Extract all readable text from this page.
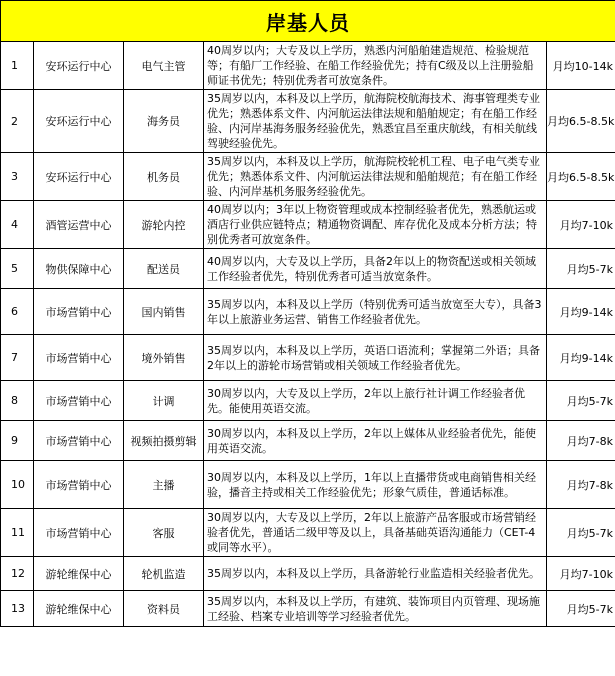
岸基人员				
1	安环运行中心	电气主管	40周岁以内；大专及以上学历，熟悉内河船舶建造规范、检验规范等；有船厂工作经验、在船工作经验优先；持有C级及以上注册验船师证书优先；特别优秀者可放宽条件。	月均10-14k
2	安环运行中心	海务员	35周岁以内，本科及以上学历，航海院校航海技术、海事管理类专业优先；熟悉体系文件、内河航运法律法规和船舶规定；有在船工作经验、内河岸基海务服务经验优先，熟悉宜昌至重庆航线，有相关航线驾驶经验优先。	月均6.5-8.5k
3	安环运行中心	机务员	35周岁以内，本科及以上学历，航海院校轮机工程、电子电气类专业优先；熟悉体系文件、内河航运法律法规和船舶规范；有在船工作经验、内河岸基机务服务经验优先。	月均6.5-8.5k
4	酒管运营中心	游轮内控	40周岁以内；3年以上物资管理或成本控制经验者优先，熟悉航运或酒店行业供应链特点；精通物资调配、库存优化及成本分析方法；特别优秀者可放宽条件。	月均7-10k
5	物供保障中心	配送员	40周岁以内，大专及以上学历，具备2年以上的物资配送或相关领域工作经验者优先，特别优秀者可适当放宽条件。	月均5-7k
6	市场营销中心	国内销售	35周岁以内，本科及以上学历（特别优秀可适当放宽至大专），具备3年以上旅游业务运营、销售工作经验者优先。	月均9-14k
7	市场营销中心	境外销售	35周岁以内，本科及以上学历，英语口语流利；掌握第二外语；具备2年以上的游轮市场营销或相关领域工作经验者优先。	月均9-14k
8	市场营销中心	计调	30周岁以内，大专及以上学历，2年以上旅行社计调工作经验者优先。能使用英语交流。	月均5-7k
9	市场营销中心	视频拍摄剪辑	30周岁以内，本科及以上学历，2年以上媒体从业经验者优先，能使用英语交流。	月均7-8k
10	市场营销中心	主播	30周岁以内，本科及以上学历，1年以上直播带货或电商销售相关经验，播音主持或相关工作经验优先；形象气质佳，普通话标准。	月均7-8k
11	市场营销中心	客服	30周岁以内，大专及以上学历，2年以上旅游产品客服或市场营销经验者优先，普通话二级甲等及以上，具备基础英语沟通能力（CET-4或同等水平）。	月均5-7k
12	游轮维保中心	轮机监造	35周岁以内，本科及以上学历，具备游轮行业监造相关经验者优先。	月均7-10k
13	游轮维保中心	资料员	35周岁以内，本科及以上学历，有建筑、装饰项目内页管理、现场施工经验、档案专业培训等学习经验者优先。	月均5-7k
